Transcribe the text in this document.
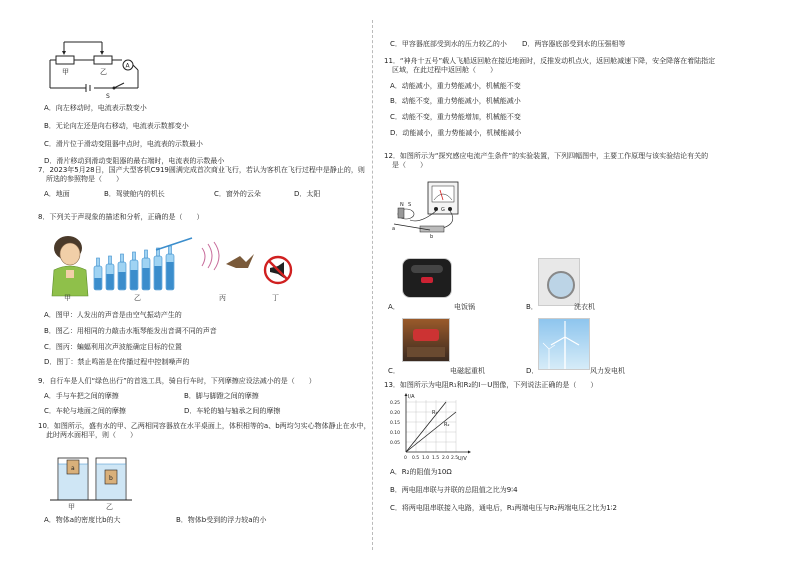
甲	乙
A
S

A．向左移动时，电流表示数变小

B．无论向左还是向右移动，电流表示数都变小

C．滑片位于滑动变阻器中点时，电流表的示数最小

D．滑片移动到滑动变阻器的最右端时，电流表的示数最小

7．2023年5月28日，国产大型客机C919圆满完成首次商业飞行，若认为客机在飞行过程中是静止的，则

所选的参照物是（　　）

A．地面	B．驾驶舱内的机长	C．窗外的云朵	D．太阳

8．下列关于声现象的描述和分析，正确的是（　　）

甲	乙	丙	丁

A．图甲：人发出的声音是由空气振动产生的

B．图乙：用相同的力敲击水瓶琴能发出音调不同的声音

C．图丙：蝙蝠利用次声波能确定目标的位置

D．图丁：禁止鸣笛是在传播过程中控制噪声的

9．自行车是人们“绿色出行”的首选工具，骑自行车时，下列摩擦应设法减小的是（　　）

A．手与车把之间的摩擦	B．脚与脚蹬之间的摩擦
C．车轮与地面之间的摩擦	D．车轮的轴与轴承之间的摩擦

10．如图所示，盛有水的甲、乙两相同容器放在水平桌面上，体积相等的a、b两均匀实心物体静止在水中，

此时两水面相平，则（　　）

a
b
甲	乙
A．物体a的密度比b的大	B．物体b受到的浮力较a的小
C．甲容器底部受到水的压力较乙的小	D．两容器底部受到水的压强相等

11．“神舟十五号”载人飞船返回舱在接近地面时，反推发动机点火，返回舱减速下降，安全降落在着陆指定

区域，在此过程中返回舱（　　）

A．动能减小，重力势能减小，机械能不变

B．动能不变，重力势能减小，机械能减小

C．动能不变，重力势能增加，机械能不变

D．动能减小，重力势能减小，机械能减小

12．如图所示为“探究感应电流产生条件”的实验装置，下列四幅图中，主要工作原理与该实验结论有关的

是（　　）

G
a
b
N S
A．	电饭锅	B．	洗衣机
C．	电磁起重机	D．	风力发电机

13．如图所示为电阻R₁和R₂的I－U图像，下列说法正确的是（　　）

I/A
U/V
0.25
0.20
0.15
0.10
0.05
0 0.5 1.0 1.5 2.0 2.5
R₁
R₂

A．R₂的阻值为10Ω

B．两电阻串联与并联的总阻值之比为9∶4

C．将两电阻串联接入电路，通电后，R₁两端电压与R₂两端电压之比为1∶2
